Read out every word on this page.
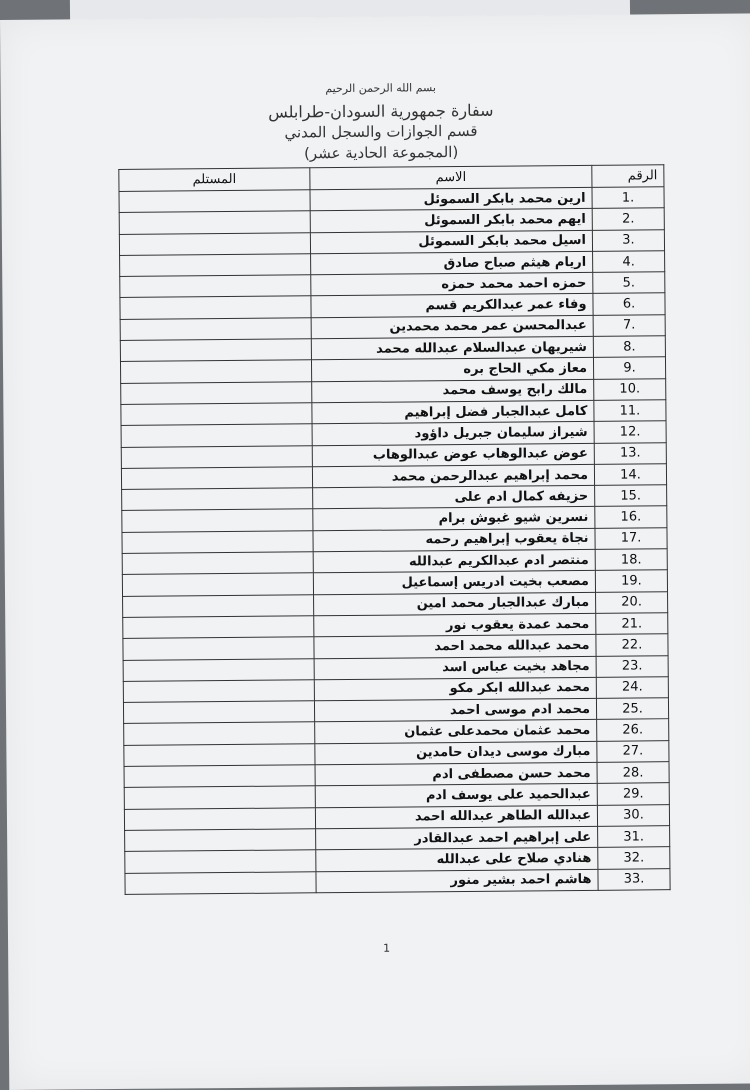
بسم الله الرحمن الرحيم
سفارة جمهورية السودان-طرابلس
قسم الجوازات والسجل المدني
(المجموعة الحادية عشر)
الرقم	الاسم	المستلم
1.	ارين محمد بابكر السموئل	
2.	ايهم محمد بابكر السموئل	
3.	اسيل محمد بابكر السموئل	
4.	اريام هيثم صباح صادق	
5.	حمزه احمد محمد حمزه	
6.	وفاء عمر عبدالكريم قسم	
7.	عبدالمحسن عمر محمد محمدين	
8.	شيريهان عبدالسلام عبدالله محمد	
9.	معاز مكي الحاج بره	
10.	مالك رابح يوسف محمد	
11.	كامل عبدالجبار فضل إبراهيم	
12.	شيراز سليمان جبريل داؤود	
13.	عوض عبدالوهاب عوض عبدالوهاب	
14.	محمد إبراهيم عبدالرحمن محمد	
15.	حزيفه كمال ادم على	
16.	نسرين شيو غبوش برام	
17.	نجاة يعقوب إبراهيم رحمه	
18.	منتصر ادم عبدالكريم عبدالله	
19.	مصعب بخيت ادريس إسماعيل	
20.	مبارك عبدالجبار محمد امين	
21.	محمد عمدة يعقوب نور	
22.	محمد عبدالله محمد احمد	
23.	مجاهد بخيت عباس اسد	
24.	محمد عبدالله ابكر مكو	
25.	محمد ادم موسى احمد	
26.	محمد عثمان محمدعلى عثمان	
27.	مبارك موسى ديدان حامدين	
28.	محمد حسن مصطفى ادم	
29.	عبدالحميد على يوسف ادم	
30.	عبدالله الطاهر عبدالله احمد	
31.	على إبراهيم احمد عبدالقادر	
32.	هنادي صلاح على عبدالله	
33.	هاشم احمد بشير منور	
1
